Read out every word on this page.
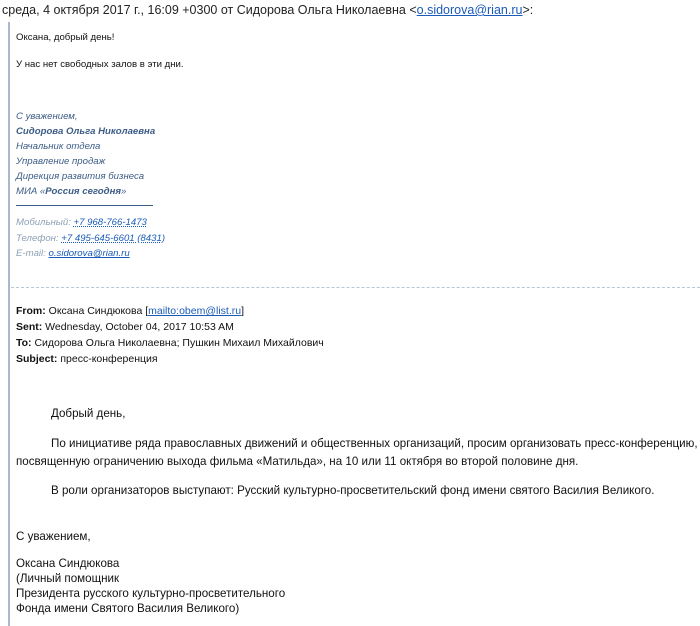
среда, 4 октября 2017 г., 16:09 +0300 от Сидорова Ольга Николаевна <o.sidorova@rian.ru>:
Оксана, добрый день!
У нас нет свободных залов в эти дни.
С уважением,
Сидорова Ольга Николаевна
Начальник отдела
Управление продаж
Дирекция развития бизнеса
МИА «Россия сегодня»
Мобильный: +7 968-766-1473
Телефон: +7 495-645-6601 (8431)
E-mail: o.sidorova@rian.ru
From: Оксана Синдюкова [mailto:obem@list.ru]
Sent: Wednesday, October 04, 2017 10:53 AM
To: Сидорова Ольга Николаевна; Пушкин Михаил Михайлович
Subject: пресс-конференция
Добрый день,
По инициативе ряда православных движений и общественных организаций, просим организовать пресс-конференцию,
посвященную ограничению выхода фильма «Матильда», на 10 или 11 октября во второй половине дня.
В роли организаторов выступают: Русский культурно-просветительский фонд имени святого Василия Великого.
С уважением,
Оксана Синдюкова
(Личный помощник
Президента русского культурно-просветительного
Фонда имени Святого Василия Великого)
